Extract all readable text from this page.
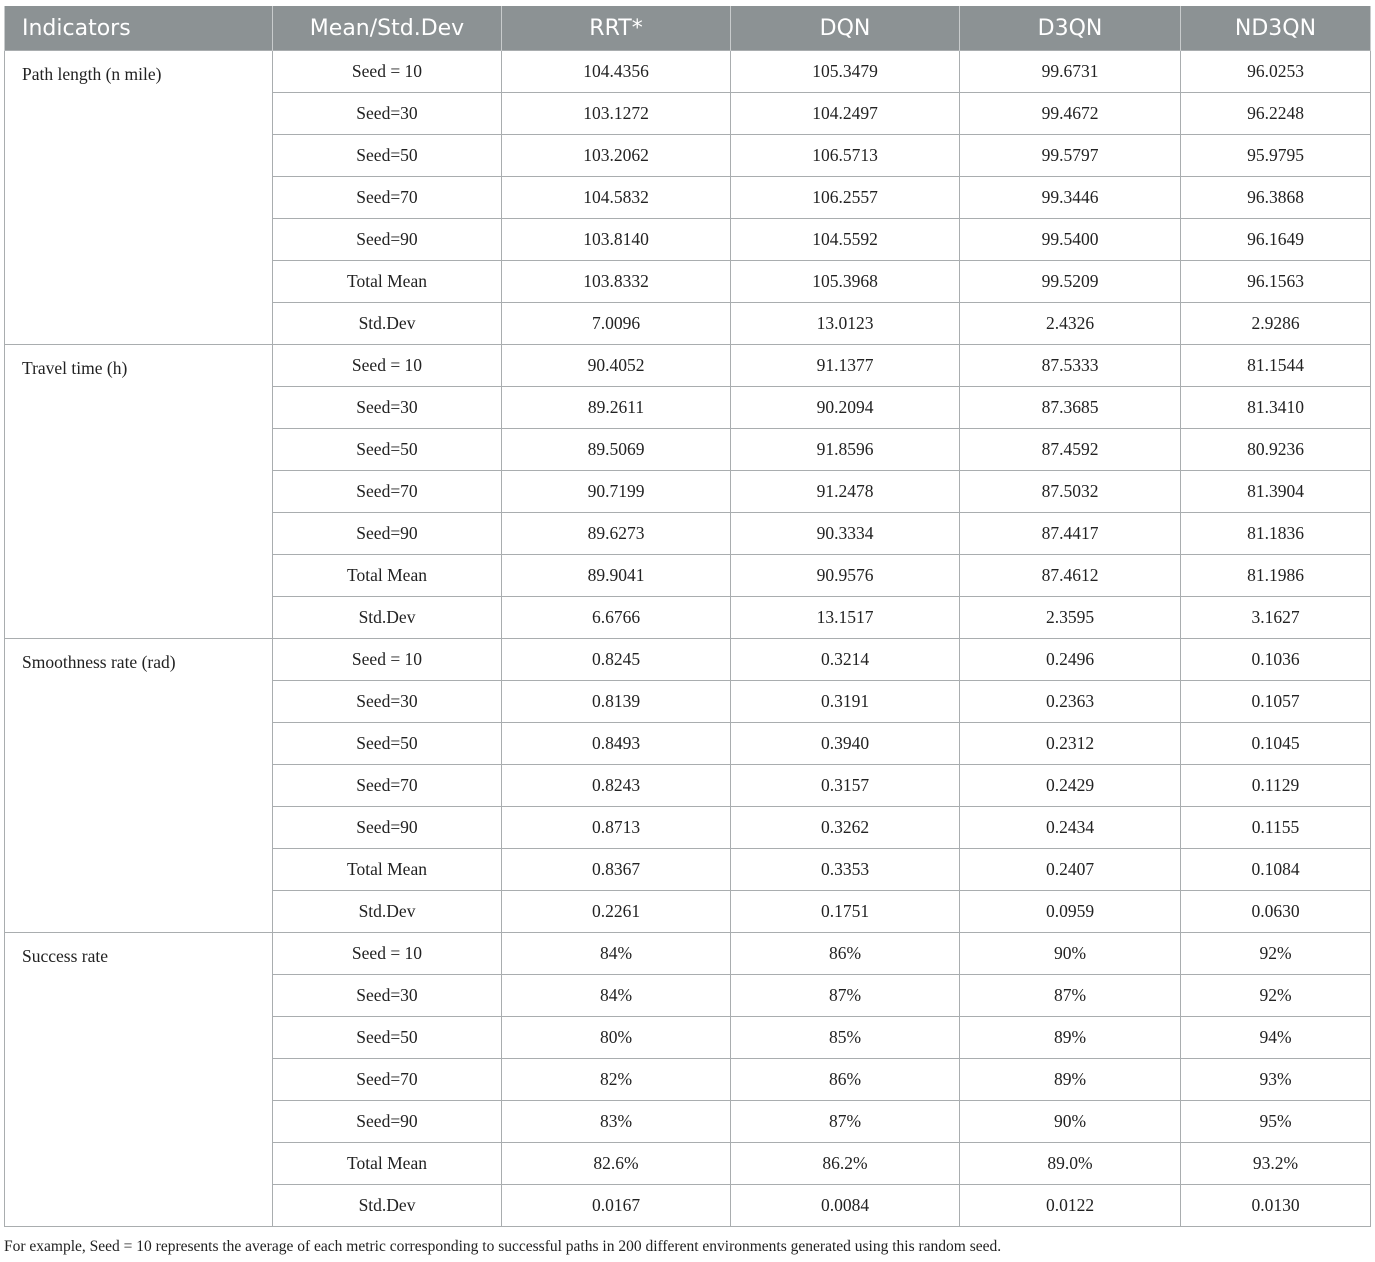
Indicators	Mean/Std.Dev	RRT*	DQN	D3QN	ND3QN
Path length (n mile)	Seed = 10	104.4356	105.3479	99.6731	96.0253
	Seed=30	103.1272	104.2497	99.4672	96.2248
	Seed=50	103.2062	106.5713	99.5797	95.9795
	Seed=70	104.5832	106.2557	99.3446	96.3868
	Seed=90	103.8140	104.5592	99.5400	96.1649
	Total Mean	103.8332	105.3968	99.5209	96.1563
	Std.Dev	7.0096	13.0123	2.4326	2.9286
Travel time (h)	Seed = 10	90.4052	91.1377	87.5333	81.1544
	Seed=30	89.2611	90.2094	87.3685	81.3410
	Seed=50	89.5069	91.8596	87.4592	80.9236
	Seed=70	90.7199	91.2478	87.5032	81.3904
	Seed=90	89.6273	90.3334	87.4417	81.1836
	Total Mean	89.9041	90.9576	87.4612	81.1986
	Std.Dev	6.6766	13.1517	2.3595	3.1627
Smoothness rate (rad)	Seed = 10	0.8245	0.3214	0.2496	0.1036
	Seed=30	0.8139	0.3191	0.2363	0.1057
	Seed=50	0.8493	0.3940	0.2312	0.1045
	Seed=70	0.8243	0.3157	0.2429	0.1129
	Seed=90	0.8713	0.3262	0.2434	0.1155
	Total Mean	0.8367	0.3353	0.2407	0.1084
	Std.Dev	0.2261	0.1751	0.0959	0.0630
Success rate	Seed = 10	84%	86%	90%	92%
	Seed=30	84%	87%	87%	92%
	Seed=50	80%	85%	89%	94%
	Seed=70	82%	86%	89%	93%
	Seed=90	83%	87%	90%	95%
	Total Mean	82.6%	86.2%	89.0%	93.2%
	Std.Dev	0.0167	0.0084	0.0122	0.0130
For example, Seed = 10 represents the average of each metric corresponding to successful paths in 200 different environments generated using this random seed.
